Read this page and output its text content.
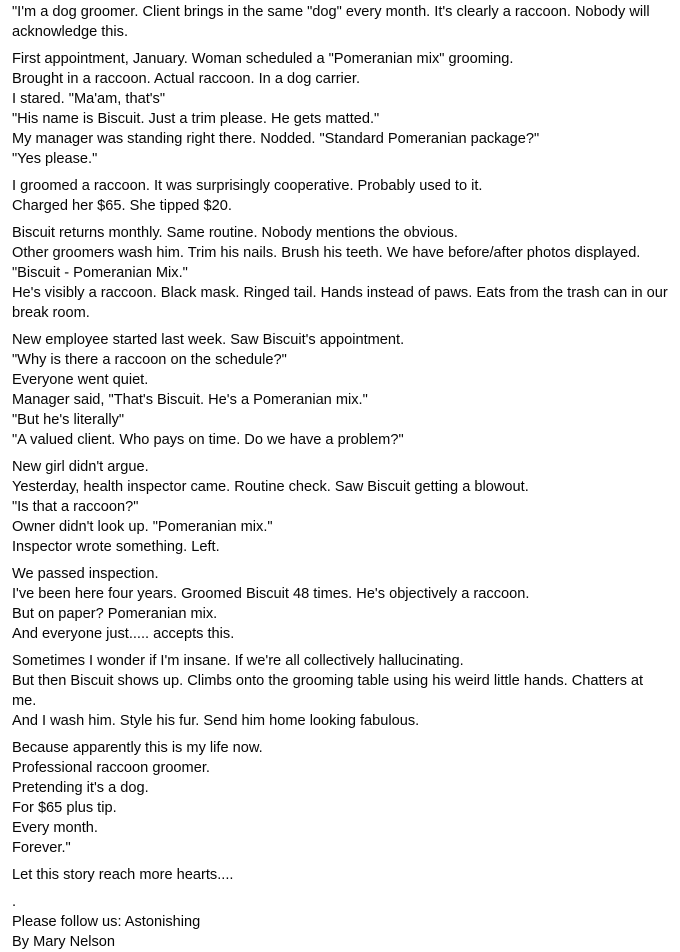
"I'm a dog groomer. Client brings in the same "dog" every month. It's clearly a raccoon. Nobody will acknowledge this.
First appointment, January. Woman scheduled a "Pomeranian mix" grooming.
Brought in a raccoon. Actual raccoon. In a dog carrier.
I stared. "Ma'am, that's"
"His name is Biscuit. Just a trim please. He gets matted."
My manager was standing right there. Nodded. "Standard Pomeranian package?"
"Yes please."
I groomed a raccoon. It was surprisingly cooperative. Probably used to it.
Charged her $65. She tipped $20.
Biscuit returns monthly. Same routine. Nobody mentions the obvious.
Other groomers wash him. Trim his nails. Brush his teeth. We have before/after photos displayed.
"Biscuit - Pomeranian Mix."
He's visibly a raccoon. Black mask. Ringed tail. Hands instead of paws. Eats from the trash can in our break room.
New employee started last week. Saw Biscuit's appointment.
"Why is there a raccoon on the schedule?"
Everyone went quiet.
Manager said, "That's Biscuit. He's a Pomeranian mix."
"But he's literally"
"A valued client. Who pays on time. Do we have a problem?"
New girl didn't argue.
Yesterday, health inspector came. Routine check. Saw Biscuit getting a blowout.
"Is that a raccoon?"
Owner didn't look up. "Pomeranian mix."
Inspector wrote something. Left.
We passed inspection.
I've been here four years. Groomed Biscuit 48 times. He's objectively a raccoon.
But on paper? Pomeranian mix.
And everyone just..... accepts this.
Sometimes I wonder if I'm insane. If we're all collectively hallucinating.
But then Biscuit shows up. Climbs onto the grooming table using his weird little hands. Chatters at me.
And I wash him. Style his fur. Send him home looking fabulous.
Because apparently this is my life now.
Professional raccoon groomer.
Pretending it's a dog.
For $65 plus tip.
Every month.
Forever."
Let this story reach more hearts....
.
Please follow us: Astonishing
By Mary Nelson
